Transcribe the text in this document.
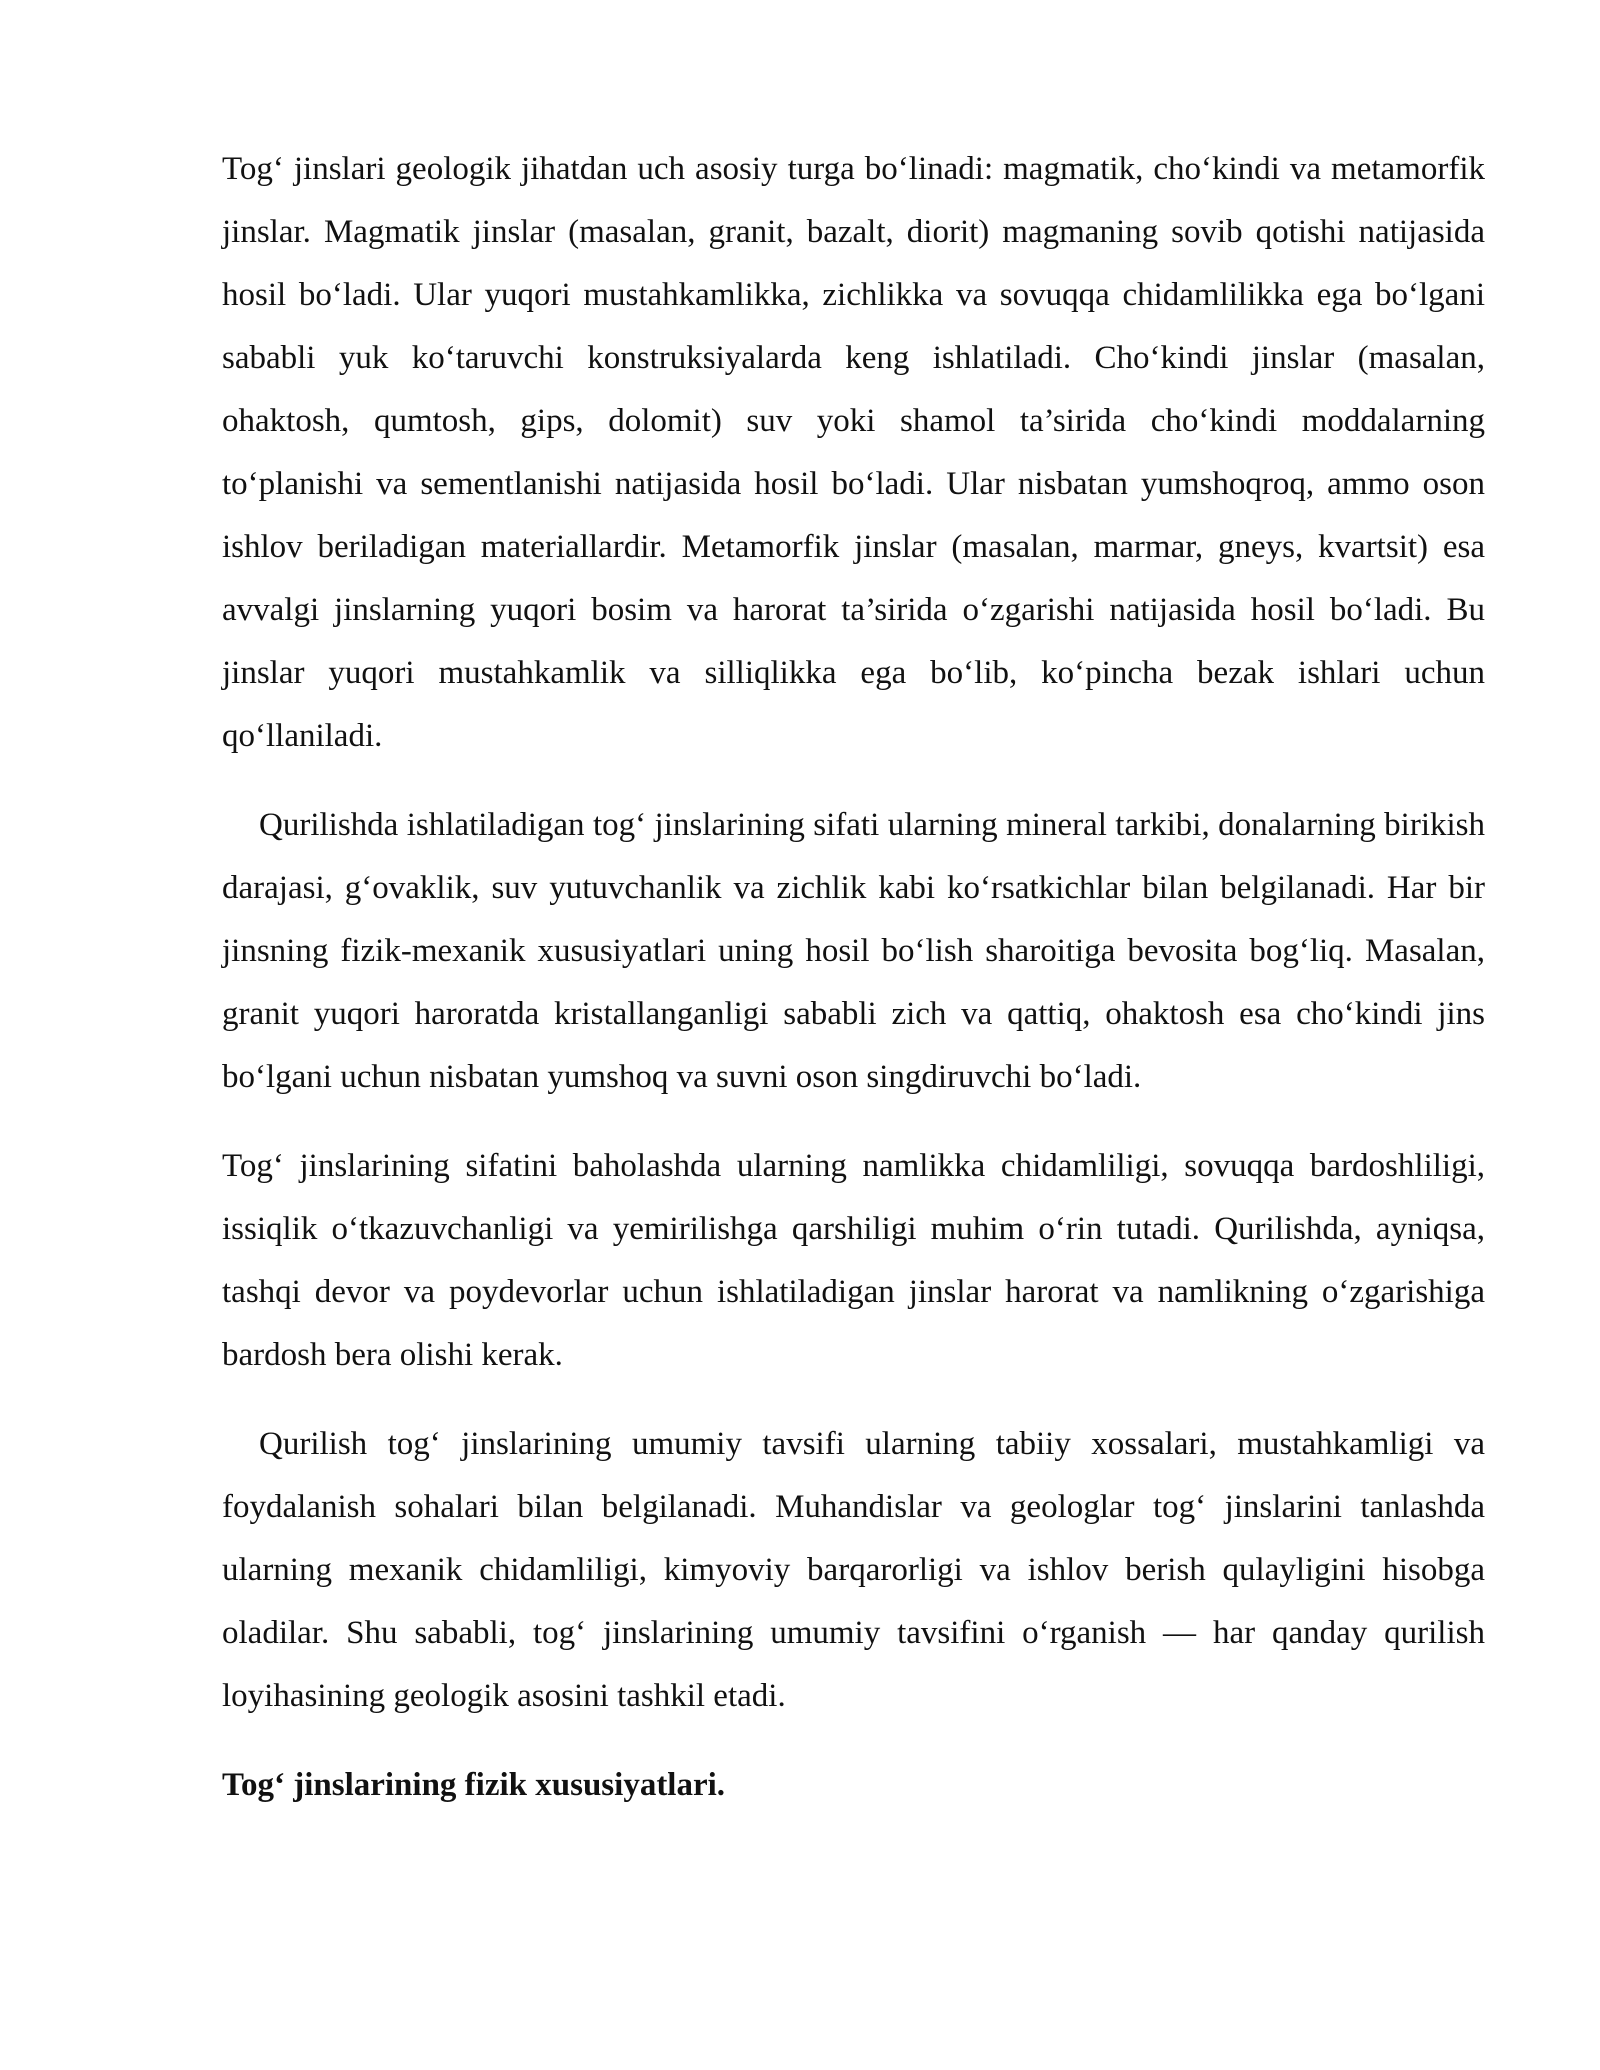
Tog‘ jinslari geologik jihatdan uch asosiy turga bo‘linadi: magmatik, cho‘kindi va metamorfik jinslar. Magmatik jinslar (masalan, granit, bazalt, diorit) magmaning sovib qotishi natijasida hosil bo‘ladi. Ular yuqori mustahkamlikka, zichlikka va sovuqqa chidamlilikka ega bo‘lgani sababli yuk ko‘taruvchi konstruksiyalarda keng ishlatiladi. Cho‘kindi jinslar (masalan, ohaktosh, qumtosh, gips, dolomit) suv yoki shamol ta’sirida cho‘kindi moddalarning to‘planishi va sementlanishi natijasida hosil bo‘ladi. Ular nisbatan yumshoqroq, ammo oson ishlov beriladigan materiallardir. Metamorfik jinslar (masalan, marmar, gneys, kvartsit) esa avvalgi jinslarning yuqori bosim va harorat ta’sirida o‘zgarishi natijasida hosil bo‘ladi. Bu jinslar yuqori mustahkamlik va silliqlikka ega bo‘lib, ko‘pincha bezak ishlari uchun qo‘llaniladi.

Qurilishda ishlatiladigan tog‘ jinslarining sifati ularning mineral tarkibi, donalarning birikish darajasi, g‘ovaklik, suv yutuvchanlik va zichlik kabi ko‘rsatkichlar bilan belgilanadi. Har bir jinsning fizik-mexanik xususiyatlari uning hosil bo‘lish sharoitiga bevosita bog‘liq. Masalan, granit yuqori haroratda kristallanganligi sababli zich va qattiq, ohaktosh esa cho‘kindi jins bo‘lgani uchun nisbatan yumshoq va suvni oson singdiruvchi bo‘ladi.

Tog‘ jinslarining sifatini baholashda ularning namlikka chidamliligi, sovuqqa bardoshliligi, issiqlik o‘tkazuvchanligi va yemirilishga qarshiligi muhim o‘rin tutadi. Qurilishda, ayniqsa, tashqi devor va poydevorlar uchun ishlatiladigan jinslar harorat va namlikning o‘zgarishiga bardosh bera olishi kerak.

Qurilish tog‘ jinslarining umumiy tavsifi ularning tabiiy xossalari, mustahkamligi va foydalanish sohalari bilan belgilanadi. Muhandislar va geologlar tog‘ jinslarini tanlashda ularning mexanik chidamliligi, kimyoviy barqarorligi va ishlov berish qulayligini hisobga oladilar. Shu sababli, tog‘ jinslarining umumiy tavsifini o‘rganish — har qanday qurilish loyihasining geologik asosini tashkil etadi.

Tog‘ jinslarining fizik xususiyatlari.
